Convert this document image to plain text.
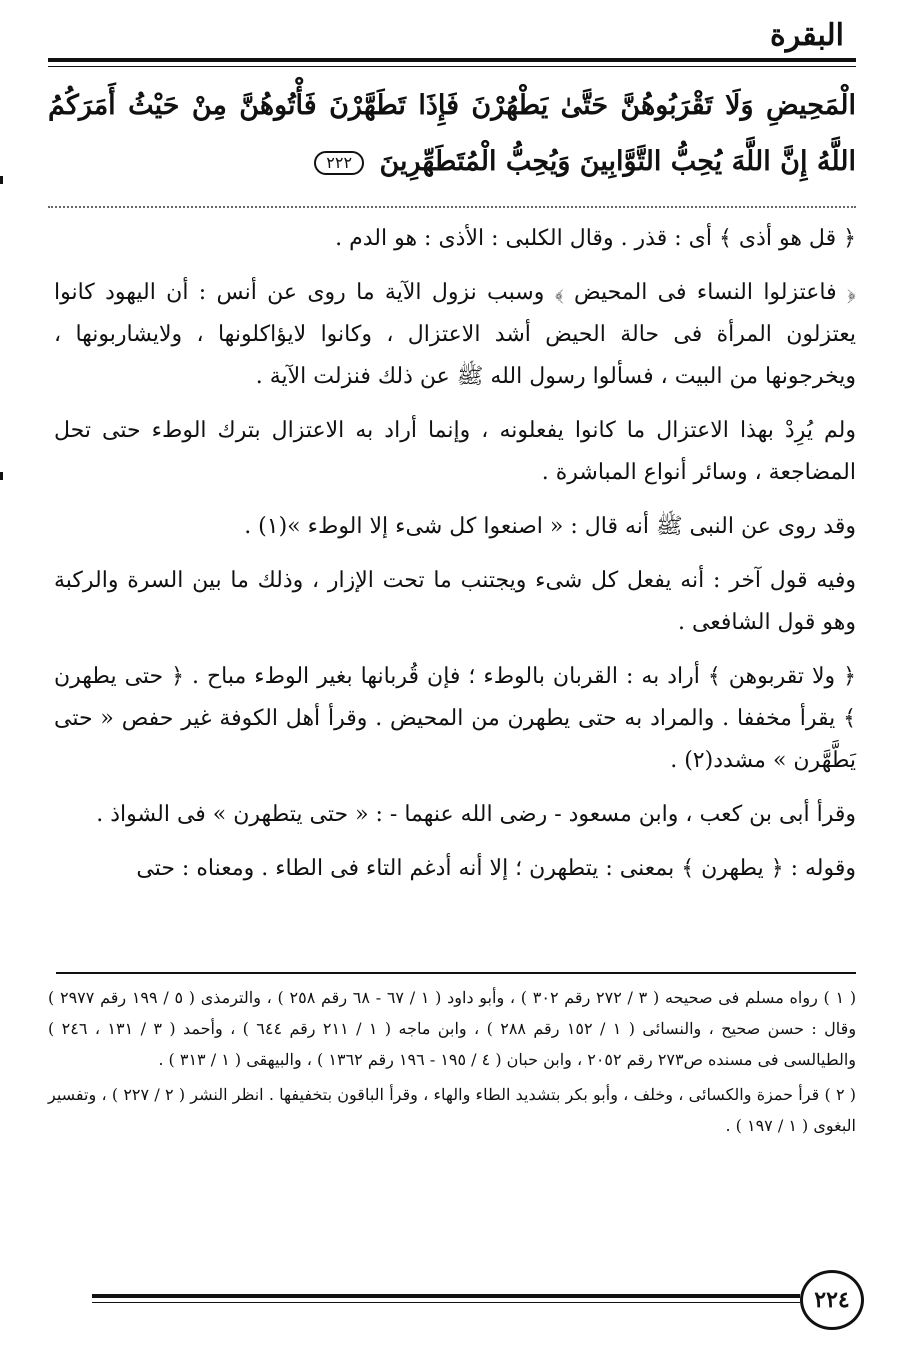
البقرة
الْمَحِيضِ وَلَا تَقْرَبُوهُنَّ حَتَّىٰ يَطْهُرْنَ فَإِذَا تَطَهَّرْنَ فَأْتُوهُنَّ مِنْ حَيْثُ أَمَرَكُمُ اللَّهُ إِنَّ اللَّهَ يُحِبُّ التَّوَّابِينَ وَيُحِبُّ الْمُتَطَهِّرِينَ ٢٢٢

﴿ قل هو أذى ﴾ أى : قذر . وقال الكلبى : الأذى : هو الدم .

﴿ فاعتزلوا النساء فى المحيض ﴾ وسبب نزول الآية ما روى عن أنس : أن اليهود كانوا يعتزلون المرأة فى حالة الحيض أشد الاعتزال ، وكانوا لايؤاكلونها ، ولايشاربونها ، ويخرجونها من البيت ، فسألوا رسول الله ﷺ عن ذلك فنزلت الآية .

ولم يُرِدْ بهذا الاعتزال ما كانوا يفعلونه ، وإنما أراد به الاعتزال بترك الوطء حتى تحل المضاجعة ، وسائر أنواع المباشرة .

وقد روى عن النبى ﷺ أنه قال : « اصنعوا كل شىء إلا الوطء »(١) .

وفيه قول آخر : أنه يفعل كل شىء ويجتنب ما تحت الإزار ، وذلك ما بين السرة والركبة وهو قول الشافعى .

﴿ ولا تقربوهن ﴾ أراد به : القربان بالوطء ؛ فإن قُربانها بغير الوطء مباح . ﴿ حتى يطهرن ﴾ يقرأ مخففا . والمراد به حتى يطهرن من المحيض . وقرأ أهل الكوفة غير حفص « حتى يَطَّهَّرن » مشدد(٢) .

وقرأ أبى بن كعب ، وابن مسعود - رضى الله عنهما - : « حتى يتطهرن » فى الشواذ .

وقوله : ﴿ يطهرن ﴾ بمعنى : يتطهرن ؛ إلا أنه أدغم التاء فى الطاء . ومعناه : حتى

( ١ ) رواه مسلم فى صحيحه ( ٣ / ٢٧٢ رقم ٣٠٢ ) ، وأبو داود ( ١ / ٦٧ - ٦٨ رقم ٢٥٨ ) ، والترمذى ( ٥ / ١٩٩ رقم ٢٩٧٧ ) وقال : حسن صحيح ، والنسائى ( ١ / ١٥٢ رقم ٢٨٨ ) ، وابن ماجه ( ١ / ٢١١ رقم ٦٤٤ ) ، وأحمد ( ٣ / ١٣١ ، ٢٤٦ ) والطيالسى فى مسنده ص٢٧٣ رقم ٢٠٥٢ ، وابن حبان ( ٤ / ١٩٥ - ١٩٦ رقم ١٣٦٢ ) ، والبيهقى ( ١ / ٣١٣ ) .

( ٢ ) قرأ حمزة والكسائى ، وخلف ، وأبو بكر بتشديد الطاء والهاء ، وقرأ الباقون بتخفيفها . انظر النشر ( ٢ / ٢٢٧ ) ، وتفسير البغوى ( ١ / ١٩٧ ) .

٢٢٤
